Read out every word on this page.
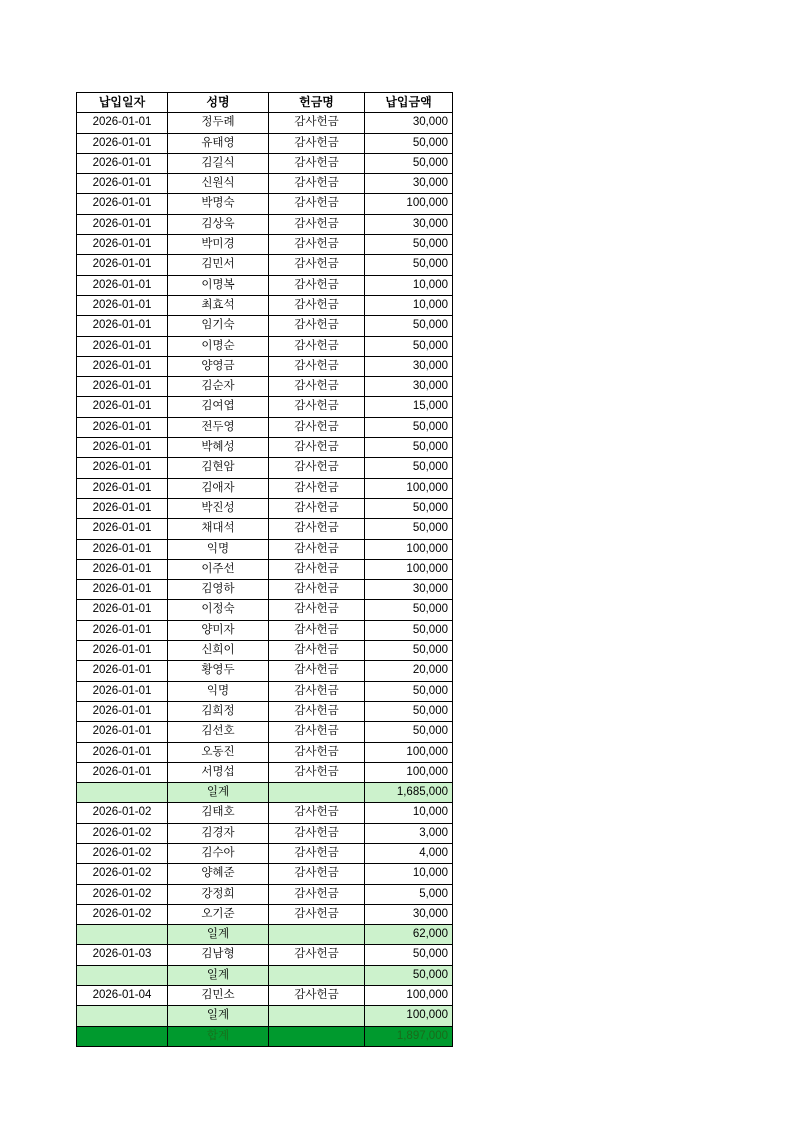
납입일자	성명	헌금명	납입금액
2026-01-01	정두례	감사헌금	30,000
2026-01-01	유태영	감사헌금	50,000
2026-01-01	김길식	감사헌금	50,000
2026-01-01	신원식	감사헌금	30,000
2026-01-01	박명숙	감사헌금	100,000
2026-01-01	김상욱	감사헌금	30,000
2026-01-01	박미경	감사헌금	50,000
2026-01-01	김민서	감사헌금	50,000
2026-01-01	이명복	감사헌금	10,000
2026-01-01	최효석	감사헌금	10,000
2026-01-01	임기숙	감사헌금	50,000
2026-01-01	이명순	감사헌금	50,000
2026-01-01	양영금	감사헌금	30,000
2026-01-01	김순자	감사헌금	30,000
2026-01-01	김여엽	감사헌금	15,000
2026-01-01	전두영	감사헌금	50,000
2026-01-01	박혜성	감사헌금	50,000
2026-01-01	김현암	감사헌금	50,000
2026-01-01	김애자	감사헌금	100,000
2026-01-01	박진성	감사헌금	50,000
2026-01-01	채대석	감사헌금	50,000
2026-01-01	익명	감사헌금	100,000
2026-01-01	이주선	감사헌금	100,000
2026-01-01	김영하	감사헌금	30,000
2026-01-01	이정숙	감사헌금	50,000
2026-01-01	양미자	감사헌금	50,000
2026-01-01	신희이	감사헌금	50,000
2026-01-01	황영두	감사헌금	20,000
2026-01-01	익명	감사헌금	50,000
2026-01-01	김희정	감사헌금	50,000
2026-01-01	김선호	감사헌금	50,000
2026-01-01	오동진	감사헌금	100,000
2026-01-01	서명섭	감사헌금	100,000
	일계		1,685,000
2026-01-02	김태호	감사헌금	10,000
2026-01-02	김경자	감사헌금	3,000
2026-01-02	김수아	감사헌금	4,000
2026-01-02	양혜준	감사헌금	10,000
2026-01-02	강정희	감사헌금	5,000
2026-01-02	오기준	감사헌금	30,000
	일계		62,000
2026-01-03	김남형	감사헌금	50,000
	일계		50,000
2026-01-04	김민소	감사헌금	100,000
	일계		100,000
	합계		1,897,000
